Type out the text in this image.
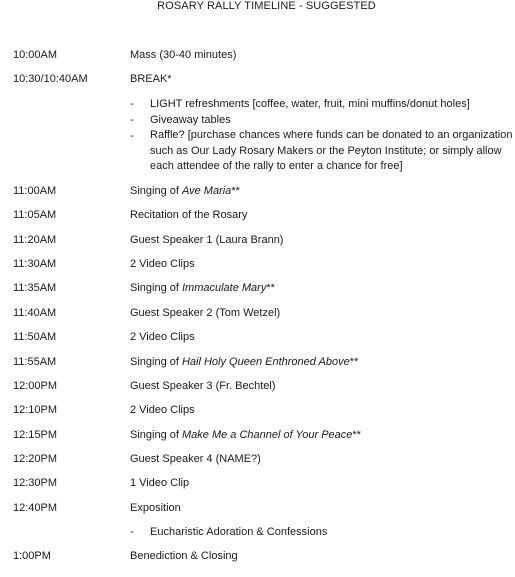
ROSARY RALLY TIMELINE - SUGGESTED
10:00AM	Mass (30-40 minutes)
10:30/10:40AM	BREAK*
- LIGHT refreshments [coffee, water, fruit, mini muffins/donut holes]
- Giveaway tables
- Raffle? [purchase chances where funds can be donated to an organization such as Our Lady Rosary Makers or the Peyton Institute; or simply allow each attendee of the rally to enter a chance for free]
11:00AM	Singing of Ave Maria**
11:05AM	Recitation of the Rosary
11:20AM	Guest Speaker 1 (Laura Brann)
11:30AM	2 Video Clips
11:35AM	Singing of Immaculate Mary**
11:40AM	Guest Speaker 2 (Tom Wetzel)
11:50AM	2 Video Clips
11:55AM	Singing of Hail Holy Queen Enthroned Above**
12:00PM	Guest Speaker 3 (Fr. Bechtel)
12:10PM	2 Video Clips
12:15PM	Singing of Make Me a Channel of Your Peace**
12:20PM	Guest Speaker 4 (NAME?)
12:30PM	1 Video Clip
12:40PM	Exposition
- Eucharistic Adoration & Confessions
1:00PM	Benediction & Closing
